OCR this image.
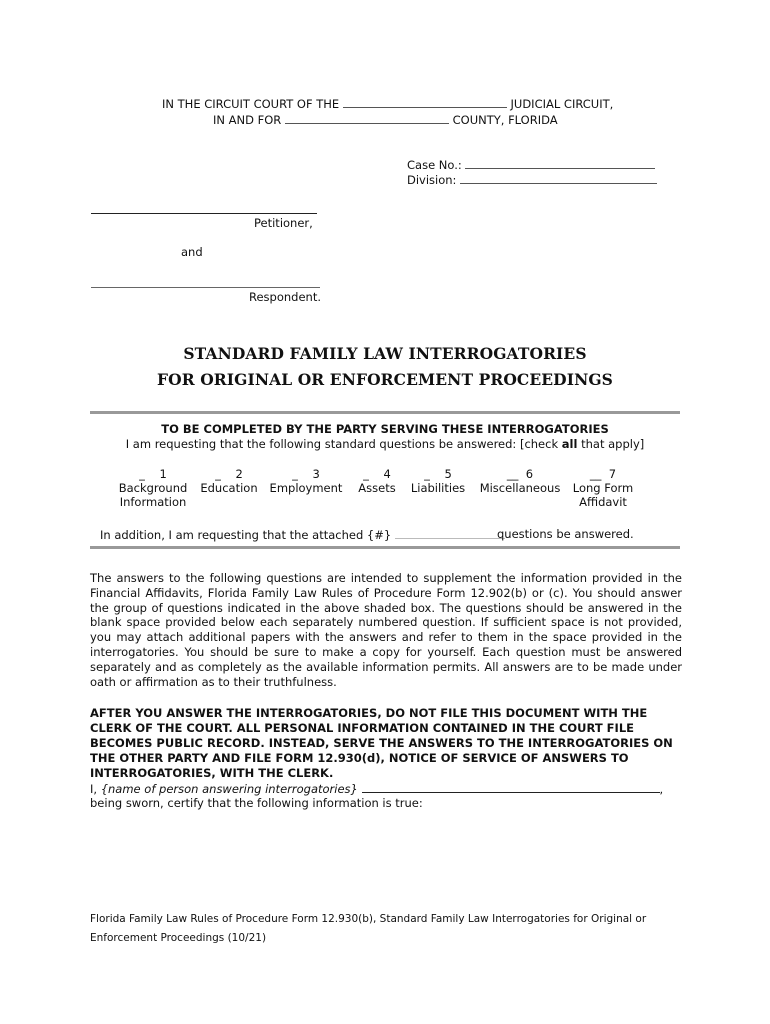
IN THE CIRCUIT COURT OF THE	JUDICIAL CIRCUIT,
IN AND FOR	COUNTY, FLORIDA
Case No.:
Division:
Petitioner,
and
Respondent.
STANDARD FAMILY LAW INTERROGATORIES
FOR ORIGINAL OR ENFORCEMENT PROCEEDINGS
TO BE COMPLETED BY THE PARTY SERVING THESE INTERROGATORIES
I am requesting that the following standard questions be answered: [check all that apply]
_    1
Background
Information
_    2
Education
_    3
Employment
_    4
Assets
_    5
Liabilities
__  6
Miscellaneous
__  7
Long Form
Affidavit
In addition, I am requesting that the attached {#}	questions be answered.
The answers to the following questions are intended to supplement the information provided in the Financial Affidavits, Florida Family Law Rules of Procedure Form 12.902(b) or (c). You should answer the group of questions indicated in the above shaded box. The questions should be answered in the blank space provided below each separately numbered question. If sufficient space is not provided, you may attach additional papers with the answers and refer to them in the space provided in the interrogatories. You should be sure to make a copy for yourself. Each question must be answered separately and as completely as the available information permits. All answers are to be made under oath or affirmation as to their truthfulness.
AFTER YOU ANSWER THE INTERROGATORIES, DO NOT FILE THIS DOCUMENT WITH THE CLERK OF THE COURT. ALL PERSONAL INFORMATION CONTAINED IN THE COURT FILE BECOMES PUBLIC RECORD. INSTEAD, SERVE THE ANSWERS TO THE INTERROGATORIES ON THE OTHER PARTY AND FILE FORM 12.930(d), NOTICE OF SERVICE OF ANSWERS TO INTERROGATORIES, WITH THE CLERK.
I, {name of person answering interrogatories}	,
being sworn, certify that the following information is true:
Florida Family Law Rules of Procedure Form 12.930(b), Standard Family Law Interrogatories for Original or
Enforcement Proceedings (10/21)
